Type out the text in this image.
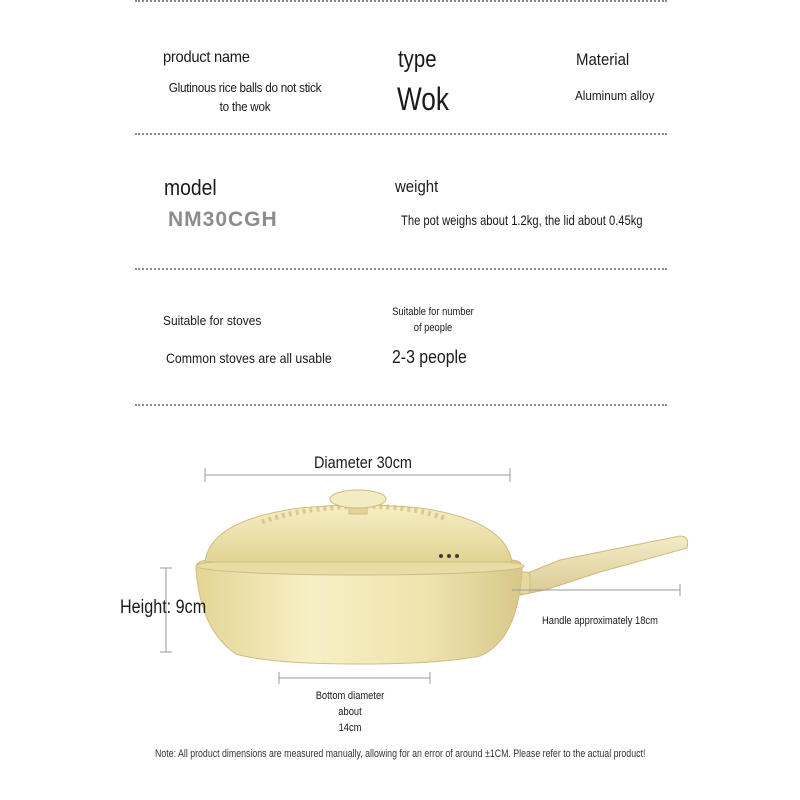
product name
Glutinous rice balls do not stick
to the wok
type
Wok
Material
Aluminum alloy
model
NM30CGH
weight
The pot weighs about 1.2kg, the lid about 0.45kg
Suitable for stoves
Common stoves are all usable
Suitable for number
of people
2-3 people
Diameter 30cm
Height: 9cm
Handle approximately 18cm
Bottom diameter about
14cm
Note: All product dimensions are measured manually, allowing for an error of around ±1CM. Please refer to the actual product!
